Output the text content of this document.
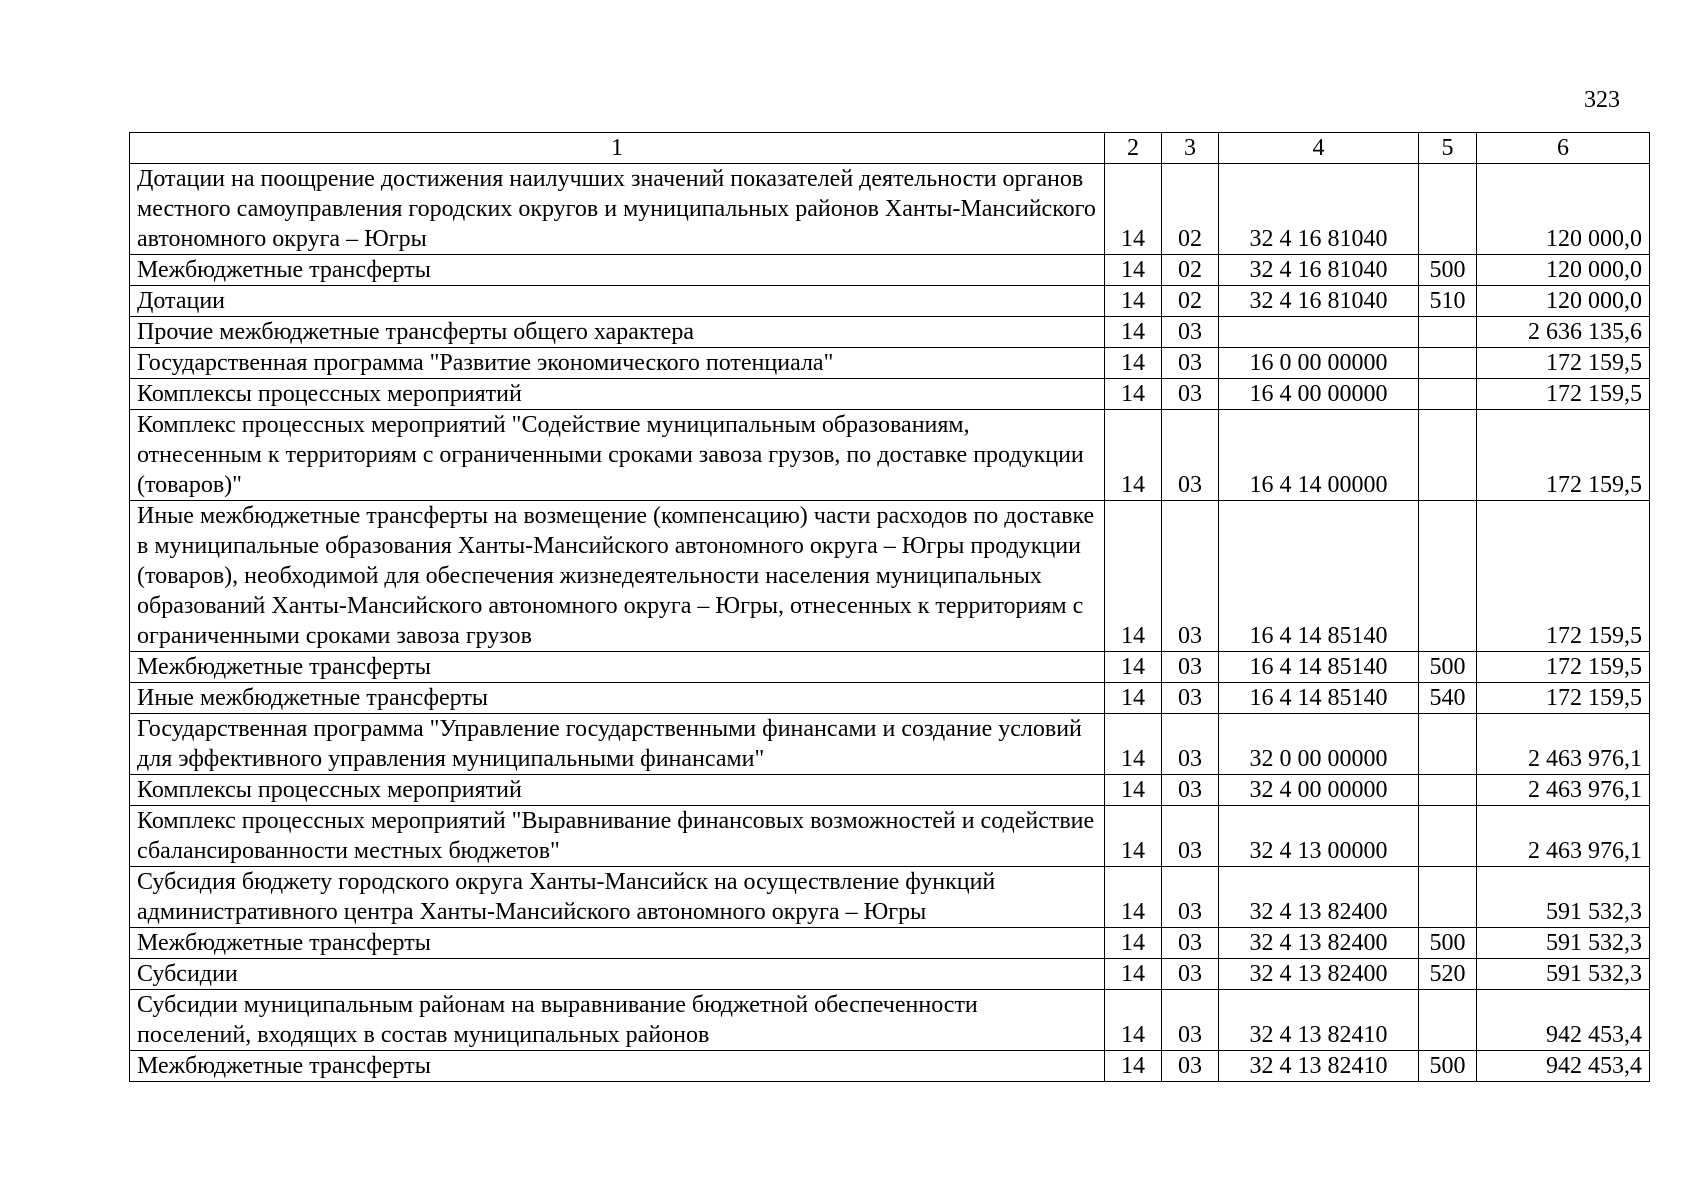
323
1	2	3	4	5	6
Дотации на поощрение достижения наилучших значений показателей деятельности органов местного самоуправления городских округов и муниципальных районов Ханты-Мансийского автономного округа – Югры	14	02	32 4 16 81040		120 000,0
Межбюджетные трансферты	14	02	32 4 16 81040	500	120 000,0
Дотации	14	02	32 4 16 81040	510	120 000,0
Прочие межбюджетные трансферты общего характера	14	03			2 636 135,6
Государственная программа "Развитие экономического потенциала"	14	03	16 0 00 00000		172 159,5
Комплексы процессных мероприятий	14	03	16 4 00 00000		172 159,5
Комплекс процессных мероприятий "Содействие муниципальным образованиям, отнесенным к территориям с ограниченными сроками завоза грузов, по доставке продукции (товаров)"	14	03	16 4 14 00000		172 159,5
Иные межбюджетные трансферты на возмещение (компенсацию) части расходов по доставке в муниципальные образования Ханты-Мансийского автономного округа – Югры продукции (товаров), необходимой для обеспечения жизнедеятельности населения муниципальных образований Ханты-Мансийского автономного округа – Югры, отнесенных к территориям с ограниченными сроками завоза грузов	14	03	16 4 14 85140		172 159,5
Межбюджетные трансферты	14	03	16 4 14 85140	500	172 159,5
Иные межбюджетные трансферты	14	03	16 4 14 85140	540	172 159,5
Государственная программа "Управление государственными финансами и создание условий для эффективного управления муниципальными финансами"	14	03	32 0 00 00000		2 463 976,1
Комплексы процессных мероприятий	14	03	32 4 00 00000		2 463 976,1
Комплекс процессных мероприятий "Выравнивание финансовых возможностей и содействие сбалансированности местных бюджетов"	14	03	32 4 13 00000		2 463 976,1
Субсидия бюджету городского округа Ханты-Мансийск на осуществление функций административного центра Ханты-Мансийского автономного округа – Югры	14	03	32 4 13 82400		591 532,3
Межбюджетные трансферты	14	03	32 4 13 82400	500	591 532,3
Субсидии	14	03	32 4 13 82400	520	591 532,3
Субсидии муниципальным районам на выравнивание бюджетной обеспеченности поселений, входящих в состав муниципальных районов	14	03	32 4 13 82410		942 453,4
Межбюджетные трансферты	14	03	32 4 13 82410	500	942 453,4
